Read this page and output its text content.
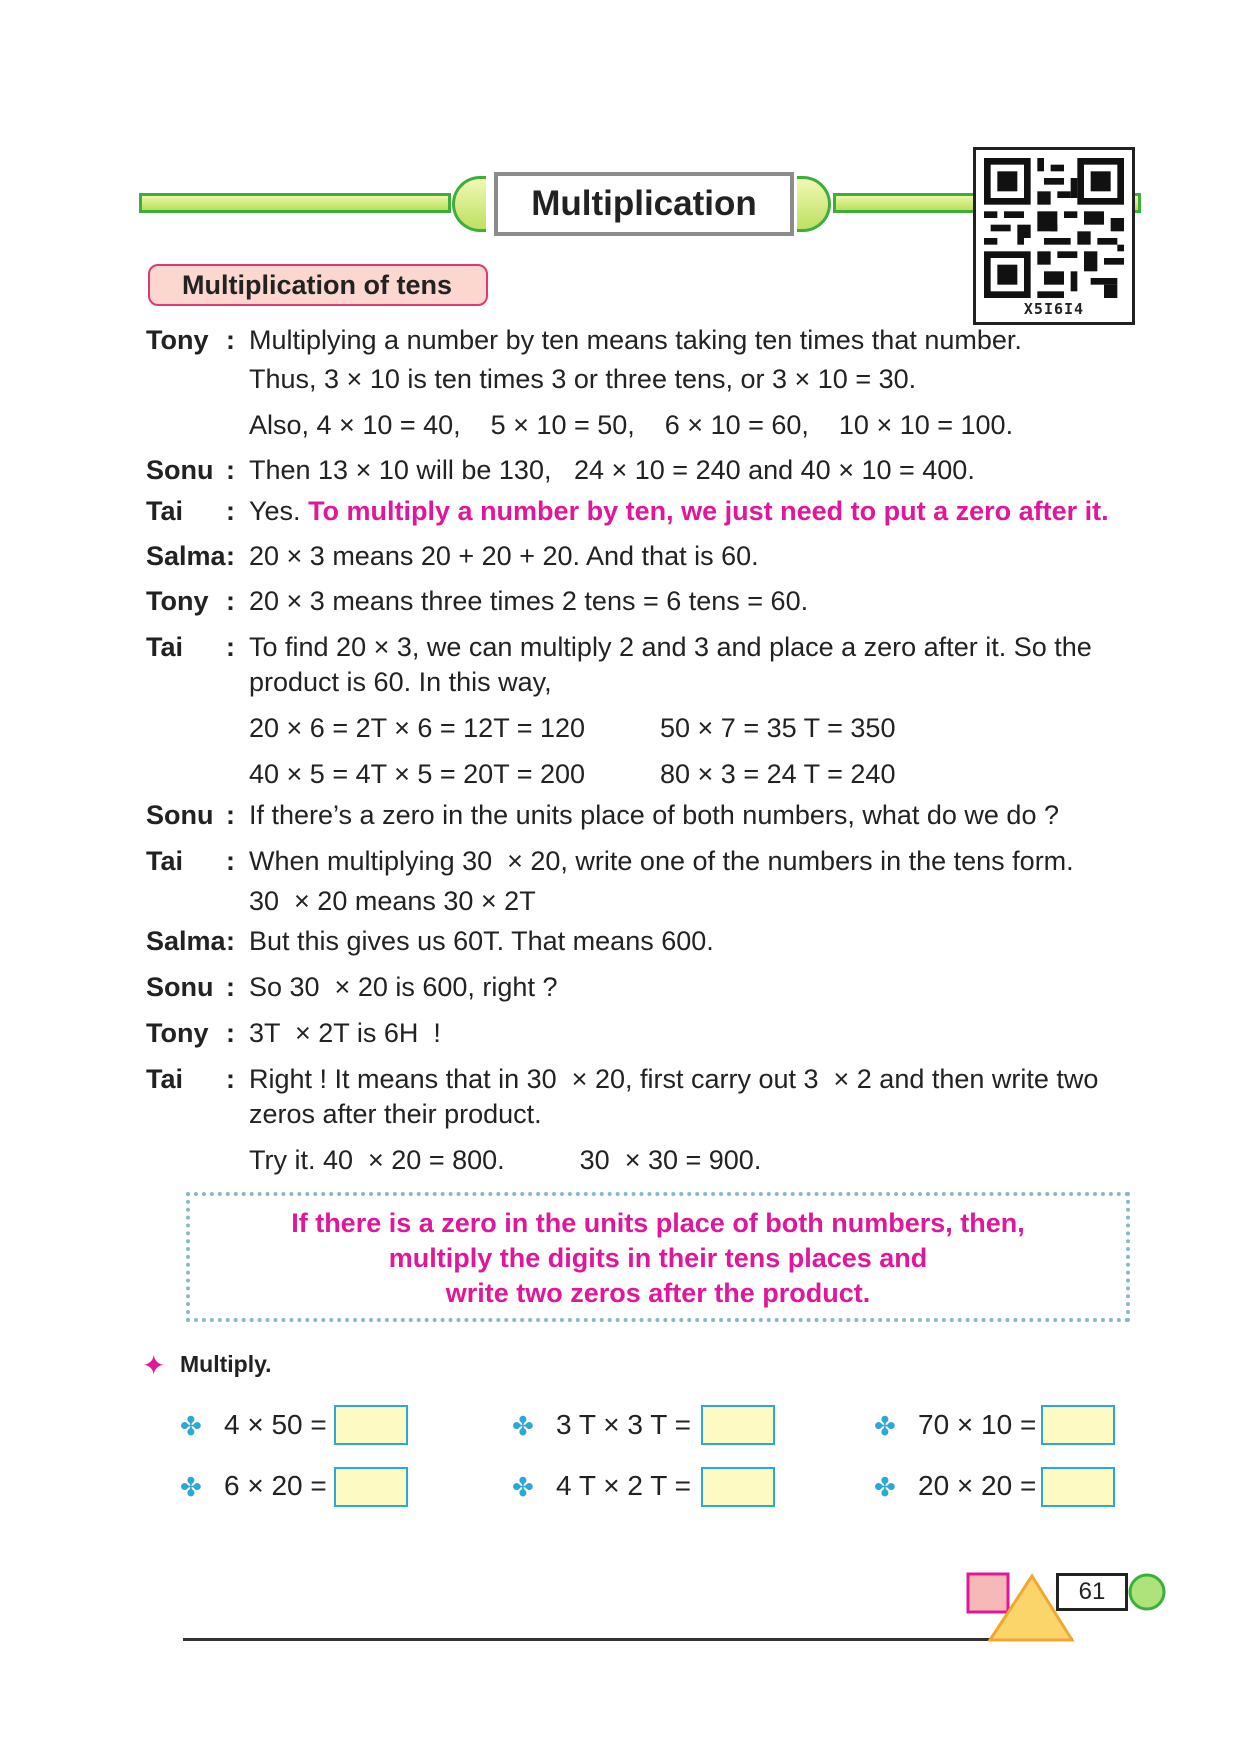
Multiplication
X5I6I4
Multiplication of tens
Tony : Multiplying a number by ten means taking ten times that number.
Thus, 3 × 10 is ten times 3 or three tens, or 3 × 10 = 30.
Also, 4 × 10 = 40,    5 × 10 = 50,    6 × 10 = 60,    10 × 10 = 100.
Sonu : Then 13 × 10 will be 130,   24 × 10 = 240 and 40 × 10 = 400.
Tai : Yes. To multiply a number by ten, we just need to put a zero after it.
Salma : 20 × 3 means 20 + 20 + 20. And that is 60.
Tony : 20 × 3 means three times 2 tens = 6 tens = 60.
Tai : To find 20 × 3, we can multiply 2 and 3 and place a zero after it. So the
product is 60. In this way,
20 × 6 = 2T × 6 = 12T = 120	50 × 7 = 35 T = 350
40 × 5 = 4T × 5 = 20T = 200	80 × 3 = 24 T = 240
Sonu : If there’s a zero in the units place of both numbers, what do we do ?
Tai : When multiplying 30  × 20, write one of the numbers in the tens form.
30  × 20 means 30 × 2T
Salma : But this gives us 60T. That means 600.
Sonu : So 30  × 20 is 600, right ?
Tony : 3T  × 2T is 6H  !
Tai : Right ! It means that in 30  × 20, first carry out 3  × 2 and then write two
zeros after their product.
Try it. 40  × 20 = 800.          30  × 30 = 900.
If there is a zero in the units place of both numbers, then,
multiply the digits in their tens places and
write two zeros after the product.
✦ Multiply.
✤ 4 × 50 =	✤ 3 T × 3 T =	✤ 70 × 10 =
✤ 6 × 20 =	✤ 4 T × 2 T =	✤ 20 × 20 =
61
